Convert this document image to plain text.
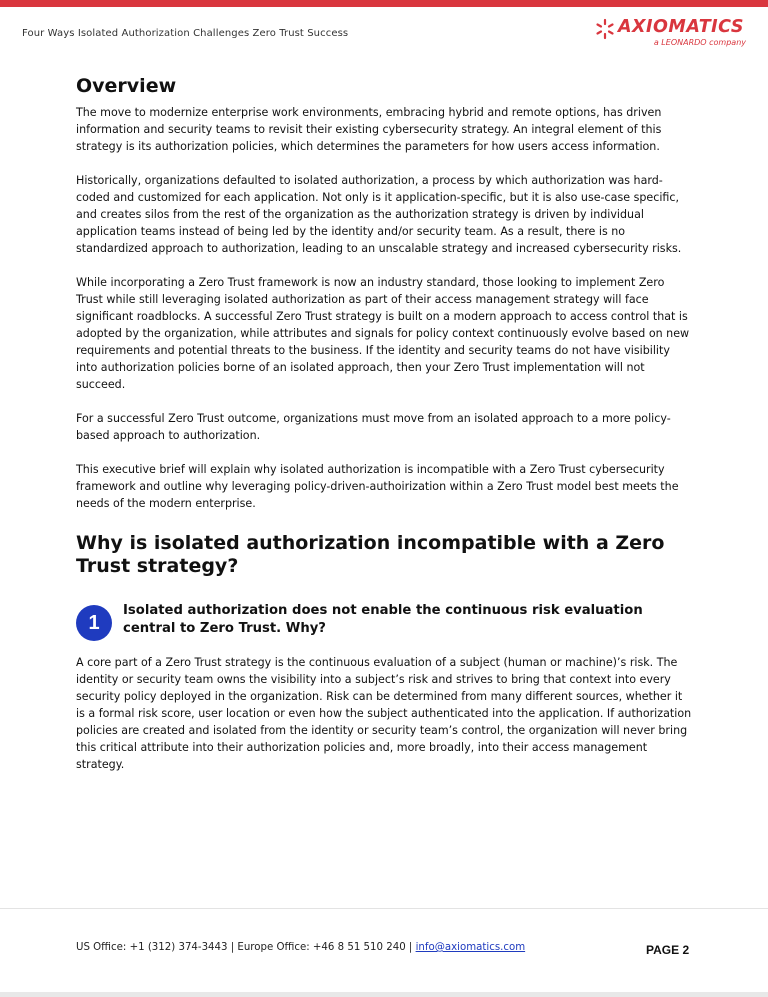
Four Ways Isolated Authorization Challenges Zero Trust Success	AXIOMATICS
a LEONARDO company
Overview

The move to modernize enterprise work environments, embracing hybrid and remote options, has driven information and security teams to revisit their existing cybersecurity strategy. An integral element of this strategy is its authorization policies, which determines the parameters for how users access information.

Historically, organizations defaulted to isolated authorization, a process by which authorization was hard-coded and customized for each application. Not only is it application-specific, but it is also use-case specific, and creates silos from the rest of the organization as the authorization strategy is driven by individual application teams instead of being led by the identity and/or security team. As a result, there is no standardized approach to authorization, leading to an unscalable strategy and increased cybersecurity risks.

While incorporating a Zero Trust framework is now an industry standard, those looking to implement Zero Trust while still leveraging isolated authorization as part of their access management strategy will face significant roadblocks. A successful Zero Trust strategy is built on a modern approach to access control that is adopted by the organization, while attributes and signals for policy context continuously evolve based on new requirements and potential threats to the business. If the identity and security teams do not have visibility into authorization policies borne of an isolated approach, then your Zero Trust implementation will not succeed.

For a successful Zero Trust outcome, organizations must move from an isolated approach to a more policy-based approach to authorization.

This executive brief will explain why isolated authorization is incompatible with a Zero Trust cybersecurity framework and outline why leveraging policy-driven-authoirization within a Zero Trust model best meets the needs of the modern enterprise.

Why is isolated authorization incompatible with a Zero Trust strategy?
1
Isolated authorization does not enable the continuous risk evaluation central to Zero Trust. Why?

A core part of a Zero Trust strategy is the continuous evaluation of a subject (human or machine)’s risk. The identity or security team owns the visibility into a subject’s risk and strives to bring that context into every security policy deployed in the organization. Risk can be determined from many different sources, whether it is a formal risk score, user location or even how the subject authenticated into the application. If authorization policies are created and isolated from the identity or security team’s control, the organization will never bring this critical attribute into their authorization policies and, more broadly, into their access management strategy.

US Office: +1 (312) 374-3443 | Europe Office: +46 8 51 510 240 | info@axiomatics.com	PAGE 2
